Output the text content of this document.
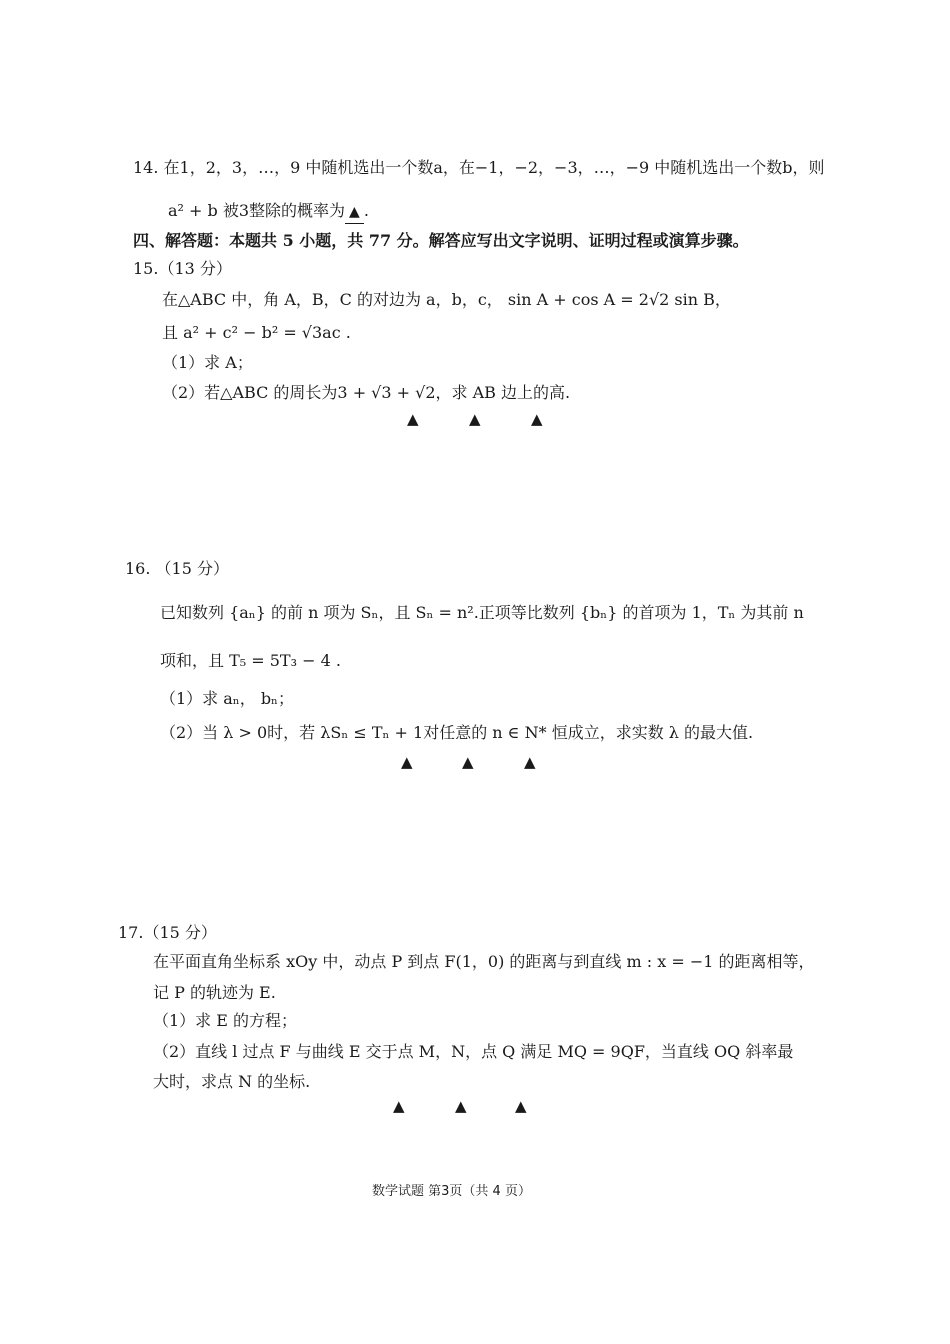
14. 在1，2，3，…，9 中随机选出一个数a，在−1，−2，−3，…，−9 中随机选出一个数b，则
a² + b 被3整除的概率为 ▲ .
四、解答题：本题共 5 小题，共 77 分。解答应写出文字说明、证明过程或演算步骤。
15.（13 分）
在△ABC 中，角 A，B，C 的对边为 a，b，c， sin A + cos A = 2√2 sin B，
且 a² + c² − b² = √3ac .
（1）求 A；
（2）若△ABC 的周长为3 + √3 + √2，求 AB 边上的高.
▲	▲	▲
16. （15 分）
已知数列 {aₙ} 的前 n 项为 Sₙ，且 Sₙ = n².正项等比数列 {bₙ} 的首项为 1，Tₙ 为其前 n
项和，且 T₅ = 5T₃ − 4 .
（1）求 aₙ， bₙ；
（2）当 λ > 0时，若 λSₙ ≤ Tₙ + 1对任意的 n ∈ N* 恒成立，求实数 λ 的最大值.
▲	▲	▲
17.（15 分）
在平面直角坐标系 xOy 中，动点 P 到点 F(1，0) 的距离与到直线 m : x = −1 的距离相等，
记 P 的轨迹为 E.
（1）求 E 的方程；
（2）直线 l 过点 F 与曲线 E 交于点 M，N，点 Q 满足 MQ = 9QF，当直线 OQ 斜率最
大时，求点 N 的坐标.
▲	▲	▲
数学试题 第3页（共 4 页）
